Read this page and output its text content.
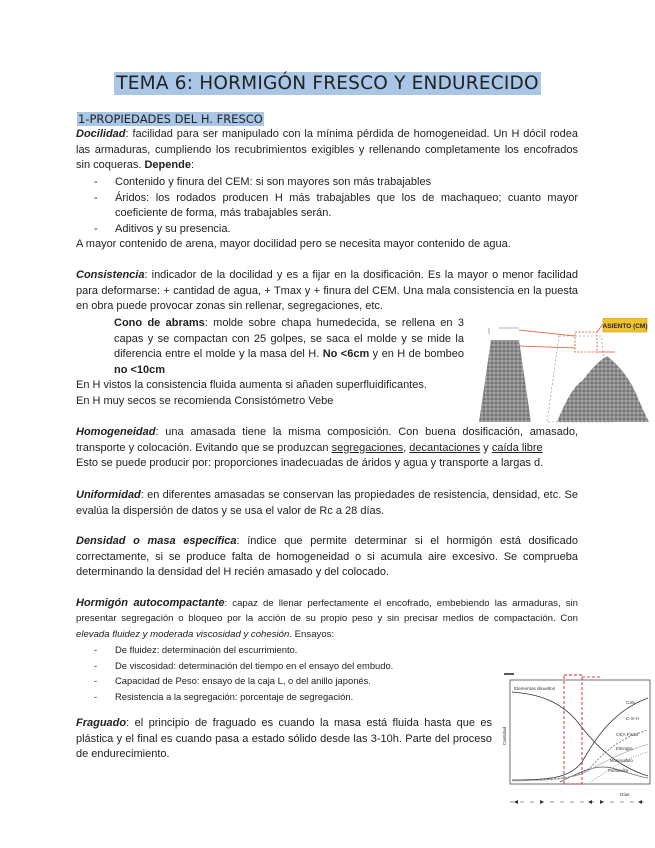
TEMA 6: HORMIGÓN FRESCO Y ENDURECIDO
1-PROPIEDADES DEL H. FRESCO

Docilidad: facilidad para ser manipulado con la mínima pérdida de homogeneidad. Un H dócil rodea las armaduras, cumpliendo los recubrimientos exigibles y rellenando completamente los encofrados sin coqueras. Depende:

- Contenido y finura del CEM: si son mayores son más trabajables
- Áridos: los rodados producen H más trabajables que los de machaqueo; cuanto mayor coeficiente de forma, más trabajables serán.
- Aditivos y su presencia.

A mayor contenido de arena, mayor docilidad pero se necesita mayor contenido de agua.

Consistencia: indicador de la docilidad y es a fijar en la dosificación. Es la mayor o menor facilidad para deformarse: + cantidad de agua, + Tmax y + finura del CEM. Una mala consistencia en la puesta en obra puede provocar zonas sin rellenar, segregaciones, etc.

Cono de abrams: molde sobre chapa humedecida, se rellena en 3 capas y se compactan con 25 golpes, se saca el molde y se mide la diferencia entre el molde y la masa del H. No <6cm y en H de bombeo no <10cm

En H vistos la consistencia fluida aumenta si añaden superfluidificantes.

En H muy secos se recomienda Consistómetro Vebe

ASIENTO (CM)

Homogeneidad: una amasada tiene la misma composición. Con buena dosificación, amasado, transporte y colocación. Evitando que se produzcan segregaciones, decantaciones y caída libre
Esto se puede producir por: proporciones inadecuadas de áridos y agua y transporte a largas d.

Uniformidad: en diferentes amasadas se conservan las propiedades de resistencia, densidad, etc. Se evalúa la dispersión de datos y se usa el valor de Rc a 28 días.

Densidad o masa específica: índice que permite determinar si el hormigón está dosificado correctamente, si se produce falta de homogeneidad o si acumula aire excesivo. Se comprueba determinando la densidad del H recién amasado y del colocado.

Hormigón autocompactante: capaz de llenar perfectamente el encofrado, embebiendo las armaduras, sin presentar segregación o bloqueo por la acción de su propio peso y sin precisar medios de compactación. Con elevada fluidez y moderada viscosidad y cohesión. Ensayos:

- De fluidez: determinación del escurrimiento.
- De viscosidad: determinación del tiempo en el ensayo del embudo.
- Capacidad de Peso: ensayo de la caja L, o del anillo japonés.
- Resistencia a la segregación: porcentaje de segregación.

Fraguado: el principio de fraguado es cuando la masa está fluida hasta que es plástica y el final es cuando pasa a estado sólido desde las 3-10h. Parte del proceso de endurecimiento.

Elementos disueltos
C3S
C-S-H
C4(A,F)H13
Ettringita
Monosulfato
Portlandita
Cantidad
Días
